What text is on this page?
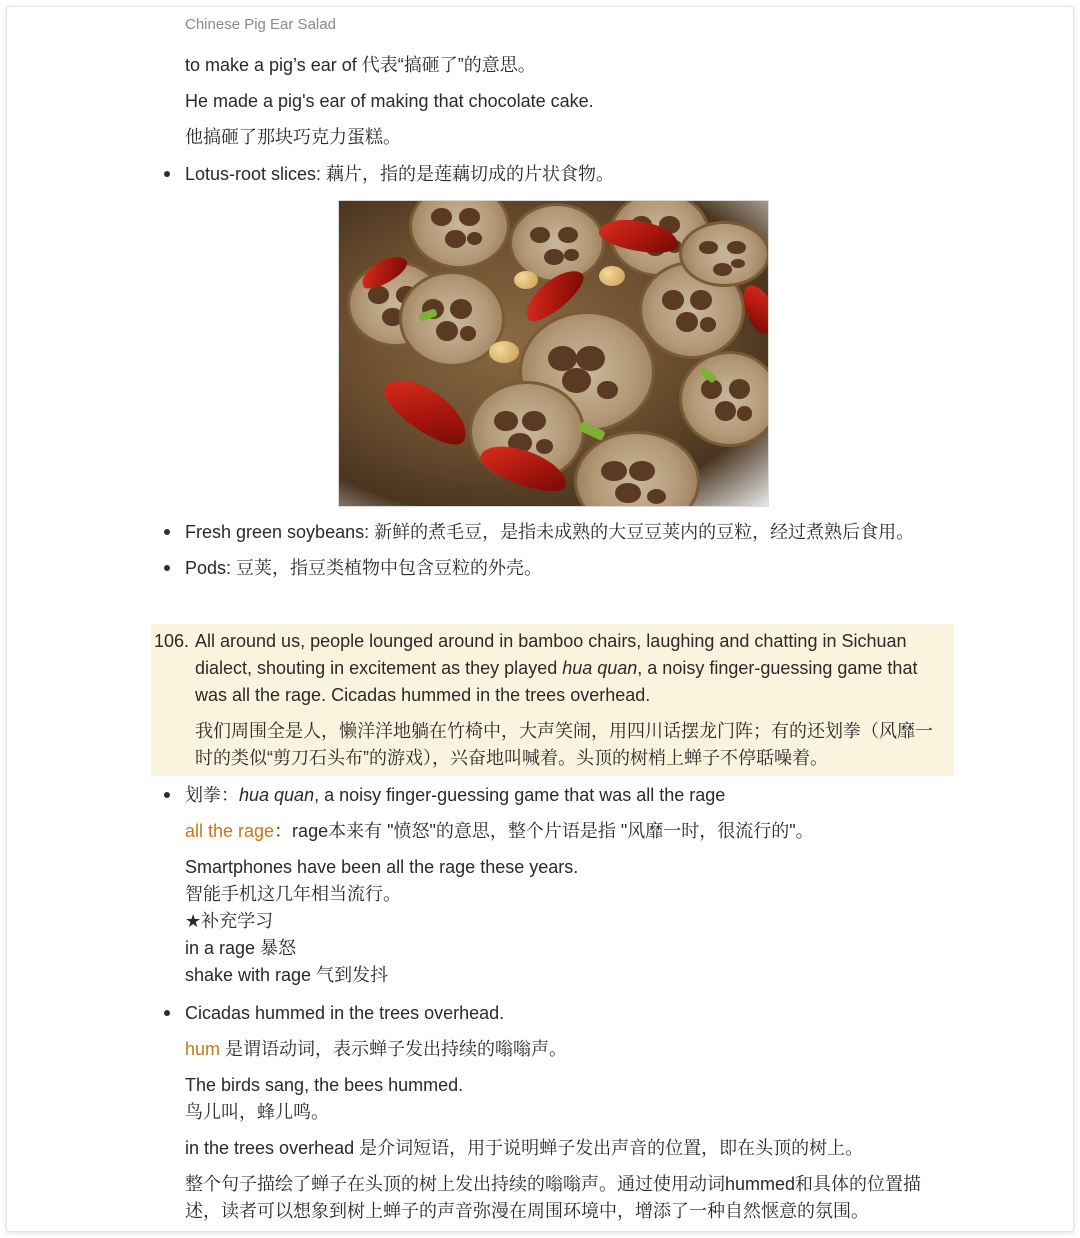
Chinese Pig Ear Salad
to make a pig’s ear of 代表“搞砸了”的意思。
He made a pig's ear of making that chocolate cake.
他搞砸了那块巧克力蛋糕。
Lotus-root slices: 藕片，指的是莲藕切成的片状食物。
Fresh green soybeans: 新鲜的煮毛豆，是指未成熟的大豆豆荚内的豆粒，经过煮熟后食用。
Pods: 豆荚，指豆类植物中包含豆粒的外壳。
106. All around us, people lounged around in bamboo chairs, laughing and chatting in Sichuan
dialect, shouting in excitement as they played hua quan, a noisy finger-guessing game that
was all the rage. Cicadas hummed in the trees overhead.
我们周围全是人，懒洋洋地躺在竹椅中，大声笑闹，用四川话摆龙门阵；有的还划拳（风靡一
时的类似“剪刀石头布”的游戏），兴奋地叫喊着。头顶的树梢上蝉子不停聒噪着。
划拳：hua quan, a noisy finger-guessing game that was all the rage
all the rage：rage本来有 "愤怒"的意思，整个片语是指 "风靡一时，很流行的"。
Smartphones have been all the rage these years.
智能手机这几年相当流行。
★补充学习
in a rage 暴怒
shake with rage 气到发抖
Cicadas hummed in the trees overhead.
hum 是谓语动词，表示蝉子发出持续的嗡嗡声。
The birds sang, the bees hummed.
鸟儿叫，蜂儿鸣。
in the trees overhead 是介词短语，用于说明蝉子发出声音的位置，即在头顶的树上。
整个句子描绘了蝉子在头顶的树上发出持续的嗡嗡声。通过使用动词hummed和具体的位置描
述，读者可以想象到树上蝉子的声音弥漫在周围环境中，增添了一种自然惬意的氛围。
